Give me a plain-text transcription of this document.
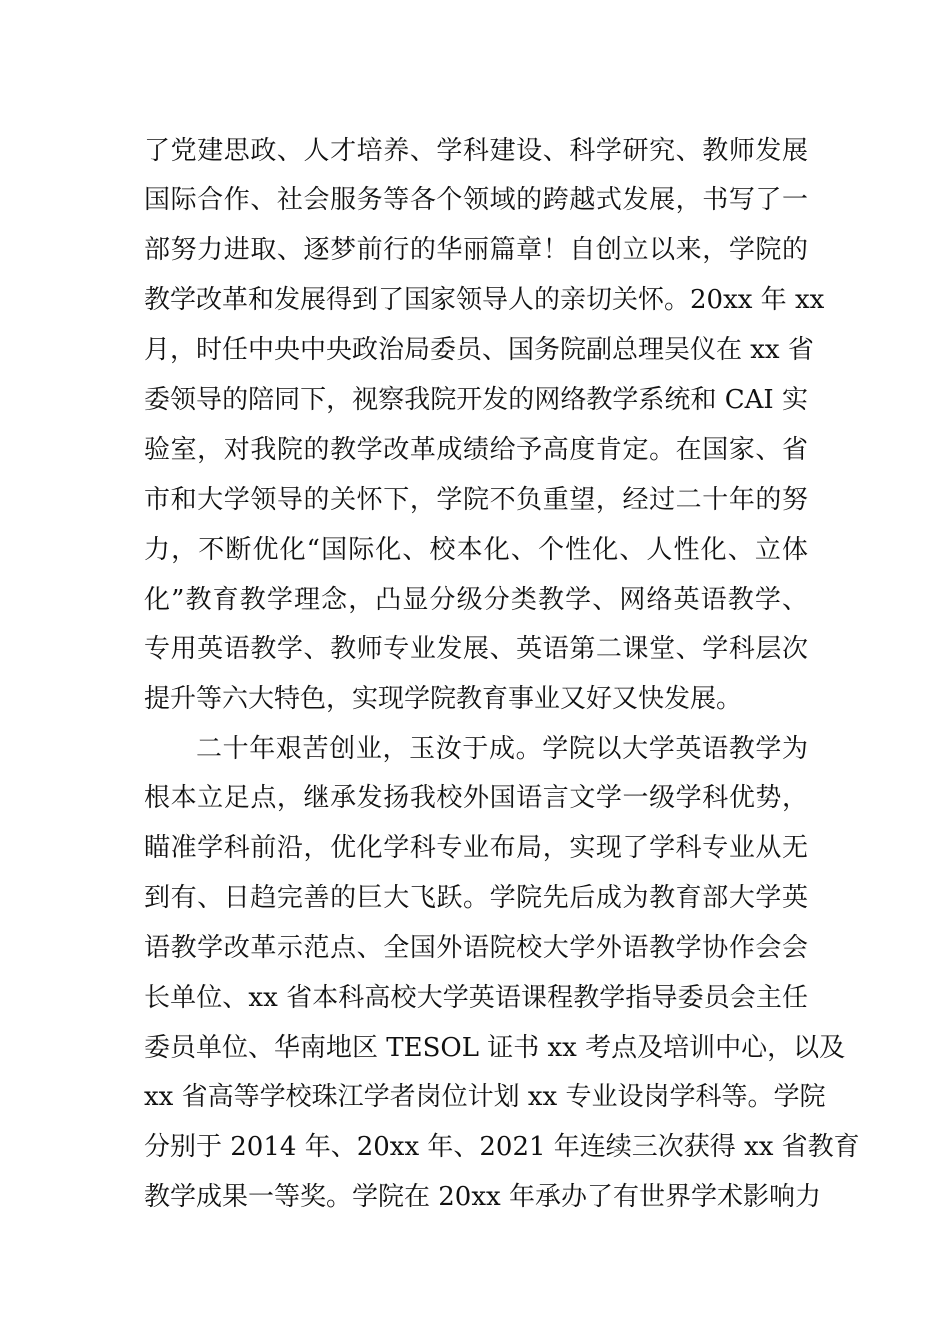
了党建思政、人才培养、学科建设、科学研究、教师发展
国际合作、社会服务等各个领域的跨越式发展，书写了一
部努力进取、逐梦前行的华丽篇章！自创立以来，学院的
教学改革和发展得到了国家领导人的亲切关怀。20xx 年 xx
月，时任中央中央政治局委员、国务院副总理吴仪在 xx 省
委领导的陪同下，视察我院开发的网络教学系统和 CAI 实
验室，对我院的教学改革成绩给予高度肯定。在国家、省
市和大学领导的关怀下，学院不负重望，经过二十年的努
力，不断优化“国际化、校本化、个性化、人性化、立体
化”教育教学理念，凸显分级分类教学、网络英语教学、
专用英语教学、教师专业发展、英语第二课堂、学科层次
提升等六大特色，实现学院教育事业又好又快发展。
二十年艰苦创业，玉汝于成。学院以大学英语教学为
根本立足点，继承发扬我校外国语言文学一级学科优势，
瞄准学科前沿，优化学科专业布局，实现了学科专业从无
到有、日趋完善的巨大飞跃。学院先后成为教育部大学英
语教学改革示范点、全国外语院校大学外语教学协作会会
长单位、xx 省本科高校大学英语课程教学指导委员会主任
委员单位、华南地区 TESOL 证书 xx 考点及培训中心，以及
xx 省高等学校珠江学者岗位计划 xx 专业设岗学科等。学院
分别于 2014 年、20xx 年、2021 年连续三次获得 xx 省教育
教学成果一等奖。学院在 20xx 年承办了有世界学术影响力
